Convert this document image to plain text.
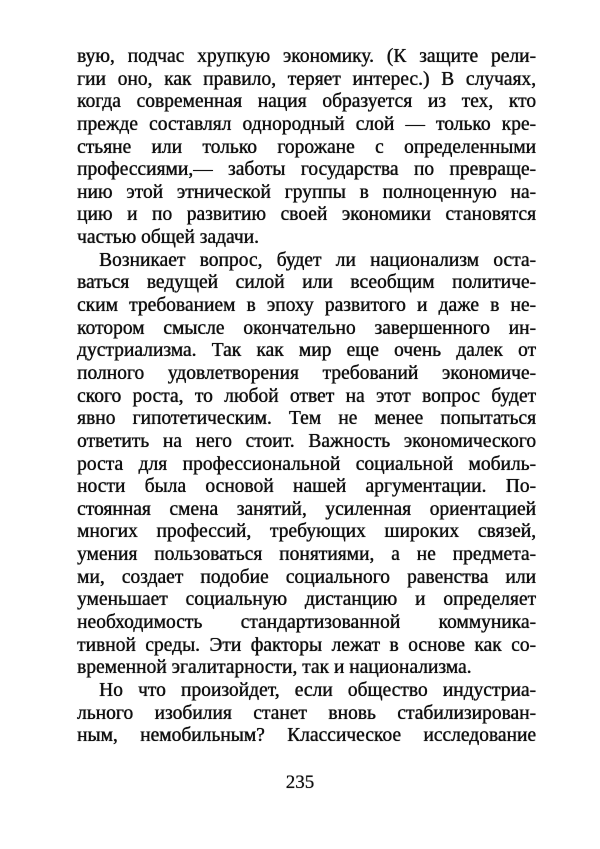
вую, подчас хрупкую экономику. (К защите рели-
гии оно, как правило, теряет интерес.) В случаях,
когда современная нация образуется из тех, кто
прежде составлял однородный слой — только кре-
стьяне или только горожане с определенными
профессиями,— заботы государства по превраще-
нию этой этнической группы в полноценную на-
цию и по развитию своей экономики становятся
частью общей задачи.
Возникает вопрос, будет ли национализм оста-
ваться ведущей силой или всеобщим политиче-
ским требованием в эпоху развитого и даже в не-
котором смысле окончательно завершенного ин-
дустриализма. Так как мир еще очень далек от
полного удовлетворения требований экономиче-
ского роста, то любой ответ на этот вопрос будет
явно гипотетическим. Тем не менее попытаться
ответить на него стоит. Важность экономического
роста для профессиональной социальной мобиль-
ности была основой нашей аргументации. По-
стоянная смена занятий, усиленная ориентацией
многих профессий, требующих широких связей,
умения пользоваться понятиями, а не предмета-
ми, создает подобие социального равенства или
уменьшает социальную дистанцию и определяет
необходимость стандартизованной коммуника-
тивной среды. Эти факторы лежат в основе как со-
временной эгалитарности, так и национализма.
Но что произойдет, если общество индустриа-
льного изобилия станет вновь стабилизирован-
ным, немобильным? Классическое исследование
235
